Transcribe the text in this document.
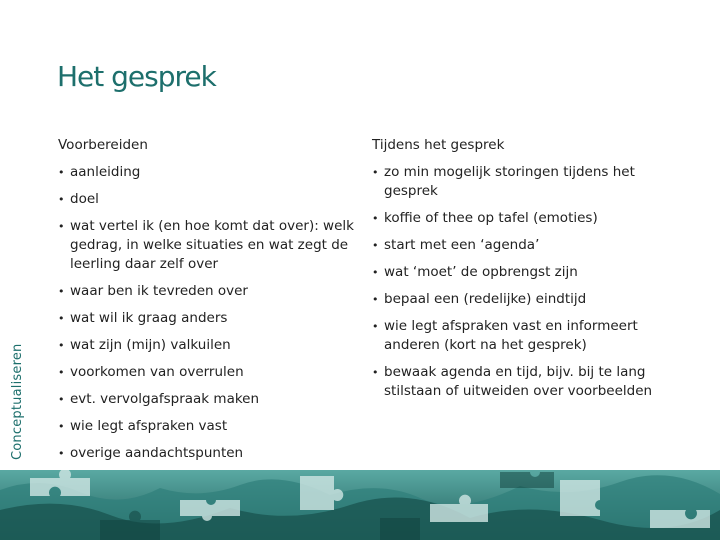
Het gesprek
Conceptualiseren
Voorbereiden
• aanleiding
• doel
• wat vertel ik (en hoe komt dat over): welk gedrag, in welke situaties en wat zegt de leerling daar zelf over
• waar ben ik tevreden over
• wat wil ik graag anders
• wat zijn (mijn) valkuilen
• voorkomen van overrulen
• evt. vervolgafspraak maken
• wie legt afspraken vast
• overige aandachtspunten
Tijdens het gesprek
• zo min mogelijk storingen tijdens het gesprek
• koffie of thee op tafel (emoties)
• start met een ‘agenda’
• wat ‘moet’ de opbrengst zijn
• bepaal een (redelijke) eindtijd
• wie legt afspraken vast en informeert anderen (kort na het gesprek)
• bewaak agenda en tijd, bijv. bij te lang stilstaan of uitweiden over voorbeelden
